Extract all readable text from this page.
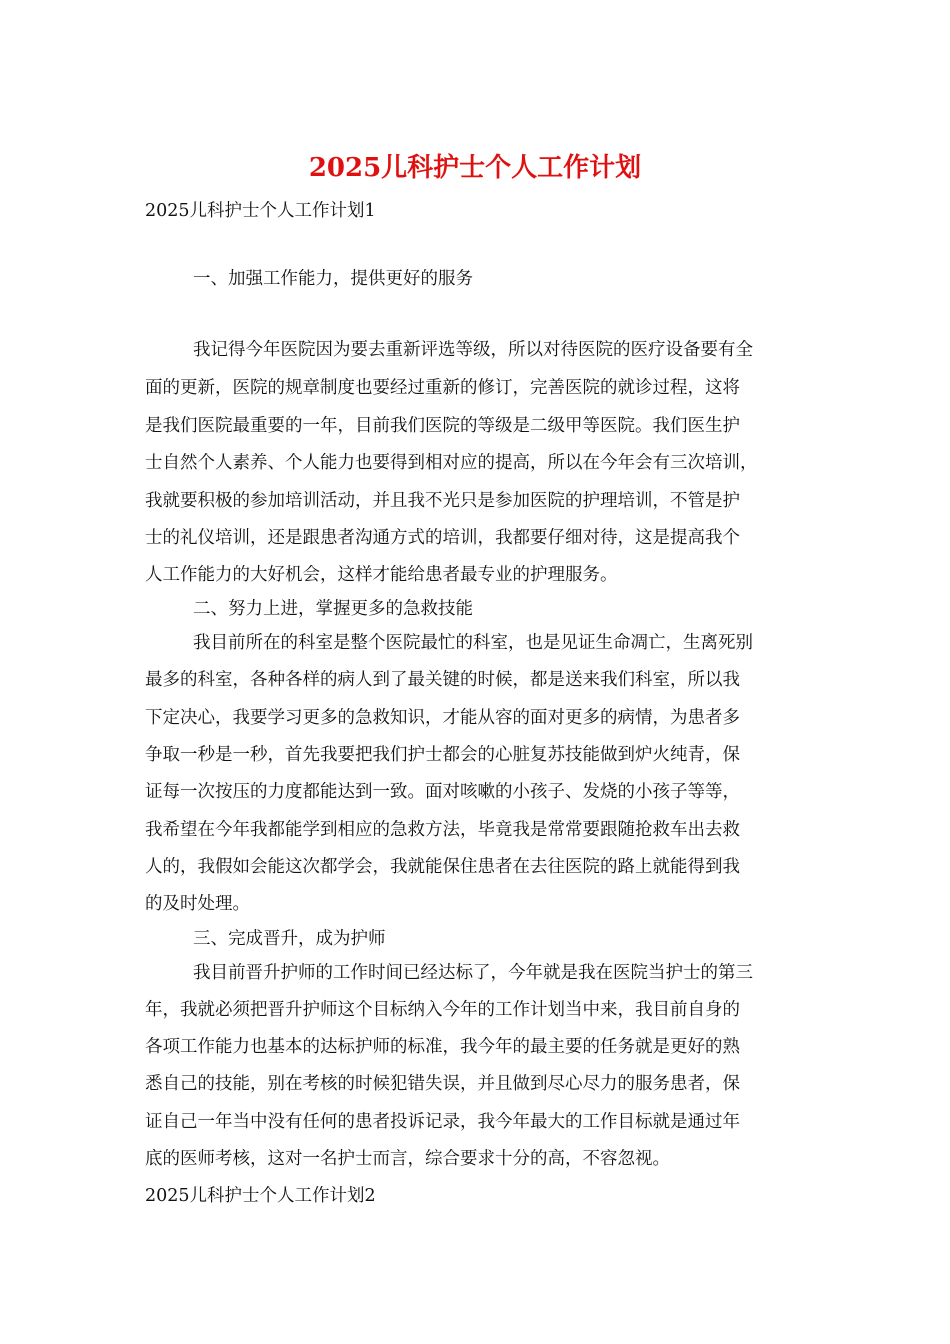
2025儿科护士个人工作计划

2025儿科护士个人工作计划1

一、加强工作能力，提供更好的服务

我记得今年医院因为要去重新评选等级，所以对待医院的医疗设备要有全

面的更新，医院的规章制度也要经过重新的修订，完善医院的就诊过程，这将

是我们医院最重要的一年，目前我们医院的等级是二级甲等医院。我们医生护

士自然个人素养、个人能力也要得到相对应的提高，所以在今年会有三次培训，

我就要积极的参加培训活动，并且我不光只是参加医院的护理培训，不管是护

士的礼仪培训，还是跟患者沟通方式的培训，我都要仔细对待，这是提高我个

人工作能力的大好机会，这样才能给患者最专业的护理服务。

二、努力上进，掌握更多的急救技能

我目前所在的科室是整个医院最忙的科室，也是见证生命凋亡，生离死别

最多的科室，各种各样的病人到了最关键的时候，都是送来我们科室，所以我

下定决心，我要学习更多的急救知识，才能从容的面对更多的病情，为患者多

争取一秒是一秒，首先我要把我们护士都会的心脏复苏技能做到炉火纯青，保

证每一次按压的力度都能达到一致。面对咳嗽的小孩子、发烧的小孩子等等，

我希望在今年我都能学到相应的急救方法，毕竟我是常常要跟随抢救车出去救

人的，我假如会能这次都学会，我就能保住患者在去往医院的路上就能得到我

的及时处理。

三、完成晋升，成为护师

我目前晋升护师的工作时间已经达标了，今年就是我在医院当护士的第三

年，我就必须把晋升护师这个目标纳入今年的工作计划当中来，我目前自身的

各项工作能力也基本的达标护师的标准，我今年的最主要的任务就是更好的熟

悉自己的技能，别在考核的时候犯错失误，并且做到尽心尽力的服务患者，保

证自己一年当中没有任何的患者投诉记录，我今年最大的工作目标就是通过年

底的医师考核，这对一名护士而言，综合要求十分的高，不容忽视。

2025儿科护士个人工作计划2
